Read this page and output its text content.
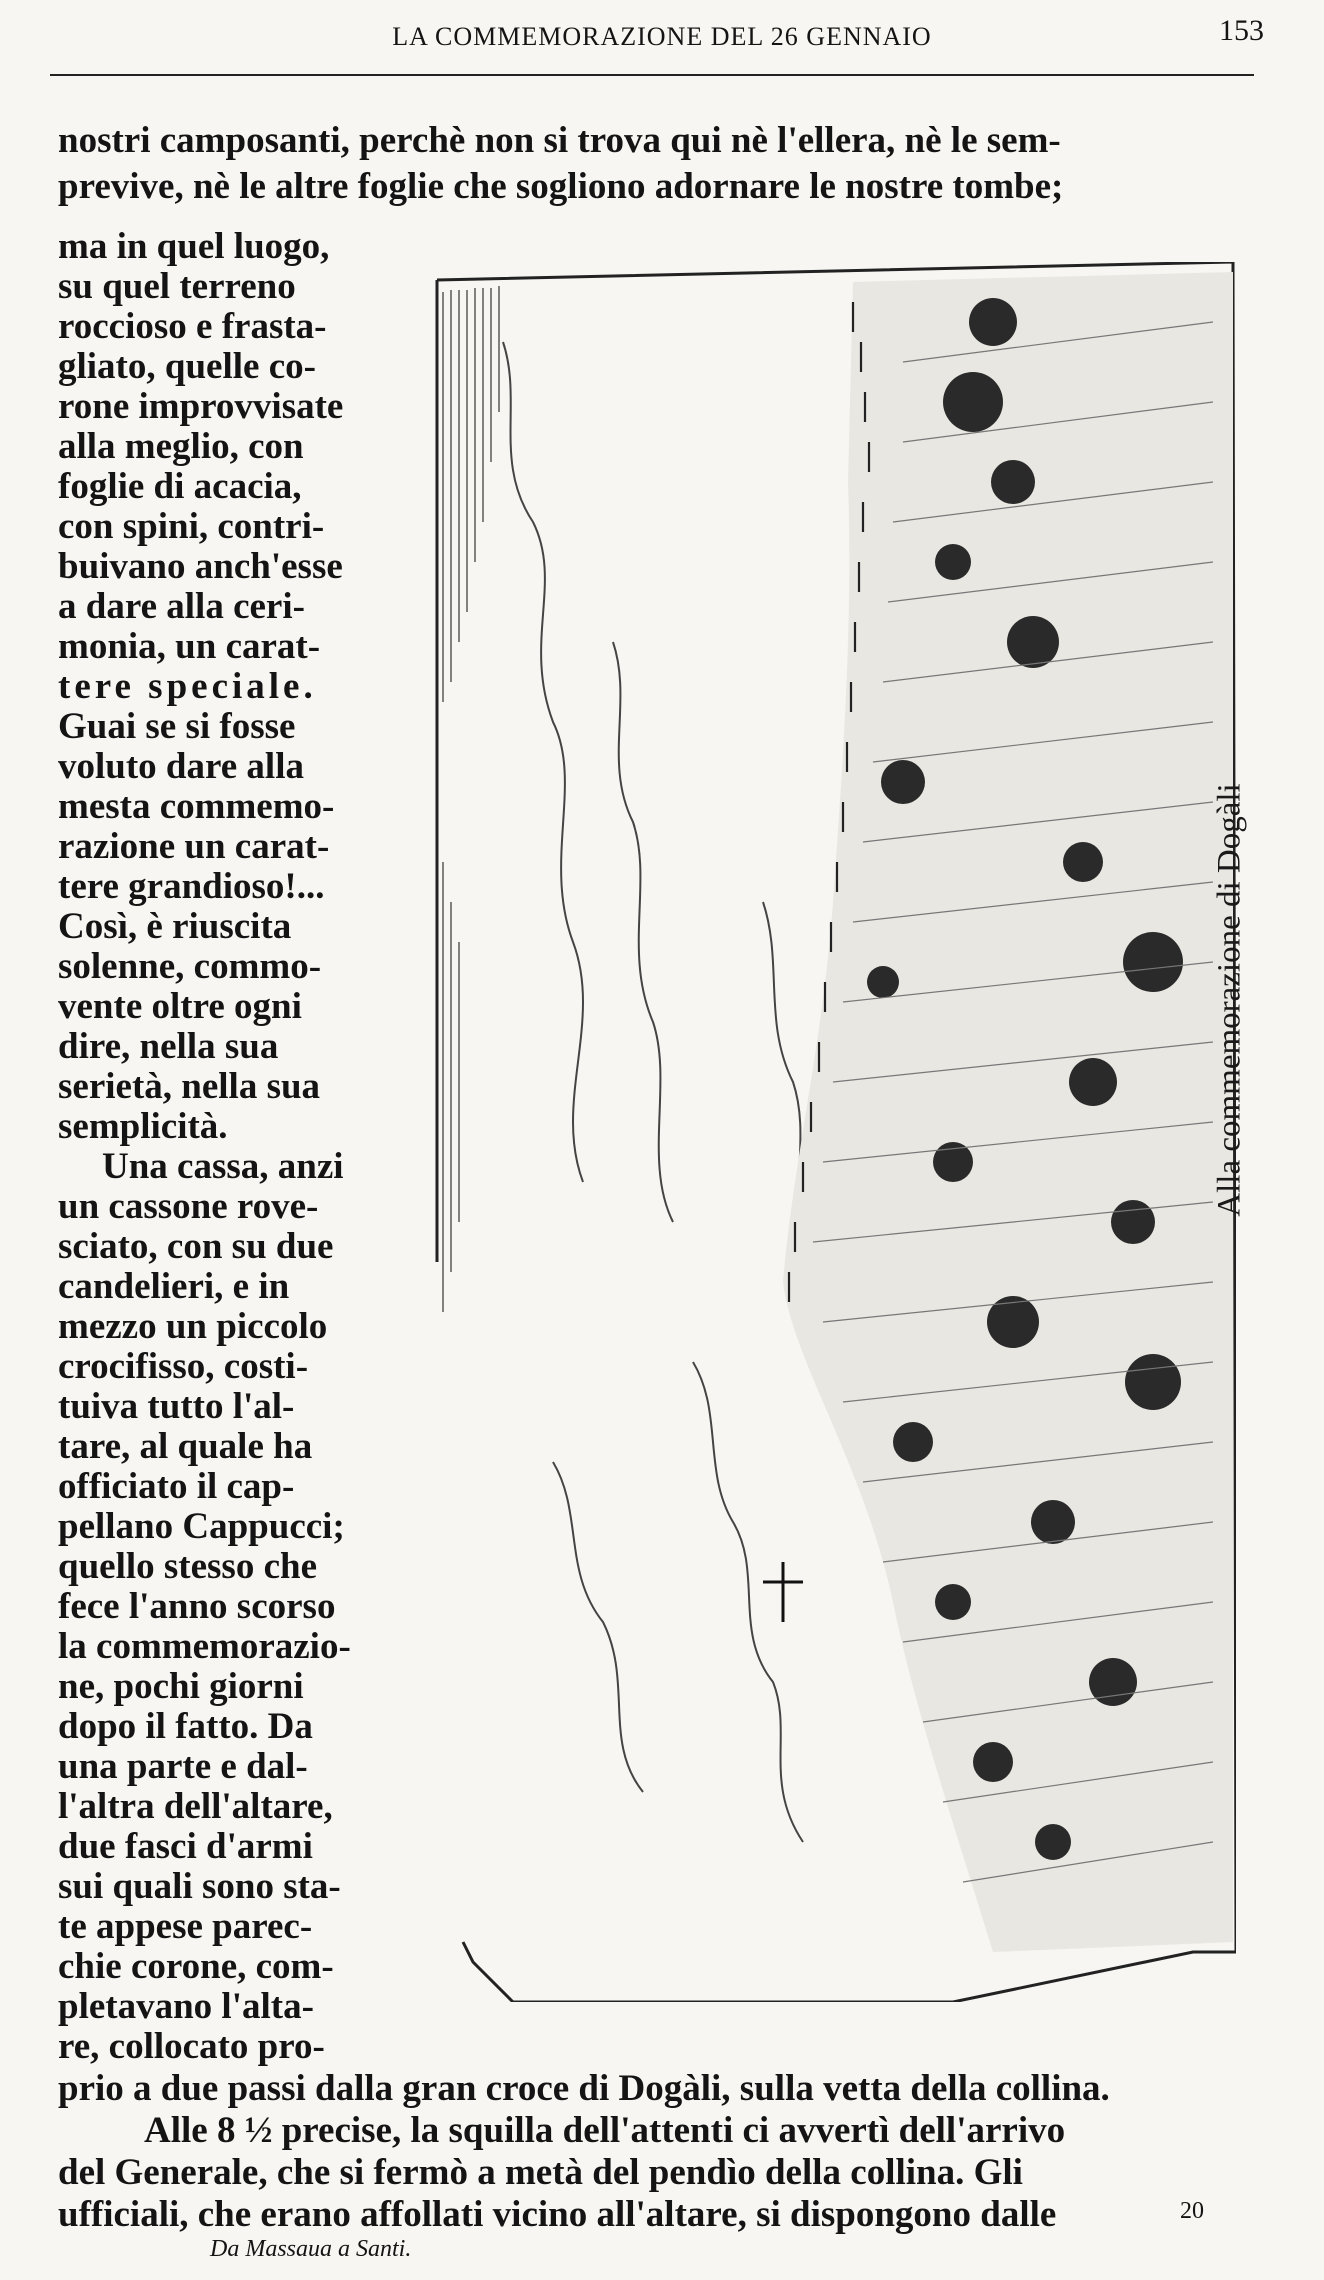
LA COMMEMORAZIONE DEL 26 GENNAIO	153
nostri camposanti, perchè non si trova qui nè l'ellera, nè le sem-
previve, nè le altre foglie che sogliono adornare le nostre tombe;
ma in quel luogo,
su quel terreno
roccioso e frasta-
gliato, quelle co-
rone improvvisate
alla meglio, con
foglie di acacia,
con spini, contri-
buivano anch'esse
a dare alla ceri-
monia, un carat-
tere speciale.
Guai se si fosse
voluto dare alla
mesta commemo-
razione un carat-
tere grandioso!...
Così, è riuscita
solenne, commo-
vente oltre ogni
dire, nella sua
serietà, nella sua
semplicità.
Una cassa, anzi
un cassone rove-
sciato, con su due
candelieri, e in
mezzo un piccolo
crocifisso, costi-
tuiva tutto l'al-
tare, al quale ha
officiato il cap-
pellano Cappucci;
quello stesso che
fece l'anno scorso
la commemorazio-
ne, pochi giorni
dopo il fatto. Da
una parte e dal-
l'altra dell'altare,
due fasci d'armi
sui quali sono sta-
te appese parec-
chie corone, com-
pletavano l'alta-
re, collocato pro-
prio a due passi dalla gran croce di Dogàli, sulla vetta della collina.
Alle 8 ½ precise, la squilla dell'attenti ci avvertì dell'arrivo
del Generale, che si fermò a metà del pendìo della collina. Gli
ufficiali, che erano affollati vicino all'altare, si dispongono dalle
Alla commemorazione di Dogàli
20
Da Massaua a Santi.
